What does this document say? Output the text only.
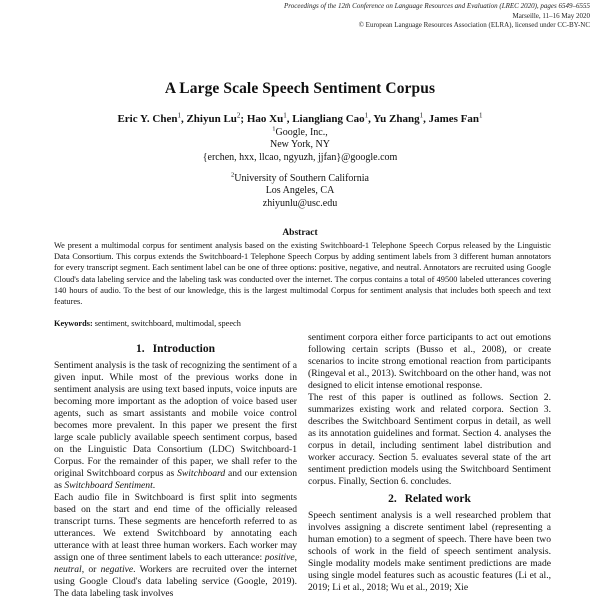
Proceedings of the 12th Conference on Language Resources and Evaluation (LREC 2020), pages 6549–6555
Marseille, 11–16 May 2020
© European Language Resources Association (ELRA), licensed under CC-BY-NC
A Large Scale Speech Sentiment Corpus
Eric Y. Chen$^1$, Zhiyun Lu$^2$; Hao Xu$^1$, Liangliang Cao$^1$, Yu Zhang$^1$, James Fan$^1$
$^1$Google, Inc.,
New York, NY
{erchen, hxx, llcao, ngyuzh, jjfan}@google.com
$^2$University of Southern California
Los Angeles, CA
zhiyunlu@usc.edu
Abstract
We present a multimodal corpus for sentiment analysis based on the existing Switchboard-1 Telephone Speech Corpus released by the Linguistic Data Consortium. This corpus extends the Switchboard-1 Telephone Speech Corpus by adding sentiment labels from 3 different human annotators for every transcript segment. Each sentiment label can be one of three options: positive, negative, and neutral. Annotators are recruited using Google Cloud's data labeling service and the labeling task was conducted over the internet. The corpus contains a total of 49500 labeled utterances covering 140 hours of audio. To the best of our knowledge, this is the largest multimodal Corpus for sentiment analysis that includes both speech and text features.
Keywords: sentiment, switchboard, multimodal, speech
1. Introduction

Sentiment analysis is the task of recognizing the sentiment of a given input. While most of the previous works done in sentiment analysis are using text based inputs, voice inputs are becoming more important as the adoption of voice based user agents, such as smart assistants and mobile voice control becomes more prevalent. In this paper we present the first large scale publicly available speech sentiment corpus, based on the Linguistic Data Consortium (LDC) Switchboard-1 Corpus. For the remainder of this paper, we shall refer to the original Switchboard corpus as Switchboard and our extension as Switchboard Sentiment.

Each audio file in Switchboard is first split into segments based on the start and end time of the officially released transcript turns. These segments are henceforth referred to as utterances. We extend Switchboard by annotating each utterance with at least three human workers. Each worker may assign one of three sentiment labels to each utterance: positive, neutral, or negative. Workers are recruited over the internet using Google Cloud's data labeling service (Google, 2019). The data labeling task involves

sentiment corpora either force participants to act out emotions following certain scripts (Busso et al., 2008), or create scenarios to incite strong emotional reaction from participants (Ringeval et al., 2013). Switchboard on the other hand, was not designed to elicit intense emotional response.

The rest of this paper is outlined as follows. Section 2. summarizes existing work and related corpora. Section 3. describes the Switchboard Sentiment corpus in detail, as well as its annotation guidelines and format. Section 4. analyses the corpus in detail, including sentiment label distribution and worker accuracy. Section 5. evaluates several state of the art sentiment prediction models using the Switchboard Sentiment corpus. Finally, Section 6. concludes.

2. Related work

Speech sentiment analysis is a well researched problem that involves assigning a discrete sentiment label (representing a human emotion) to a segment of speech. There have been two schools of work in the field of speech sentiment analysis. Single modality models make sentiment predictions are made using single model features such as acoustic features (Li et al., 2019; Li et al., 2018; Wu et al., 2019; Xie
